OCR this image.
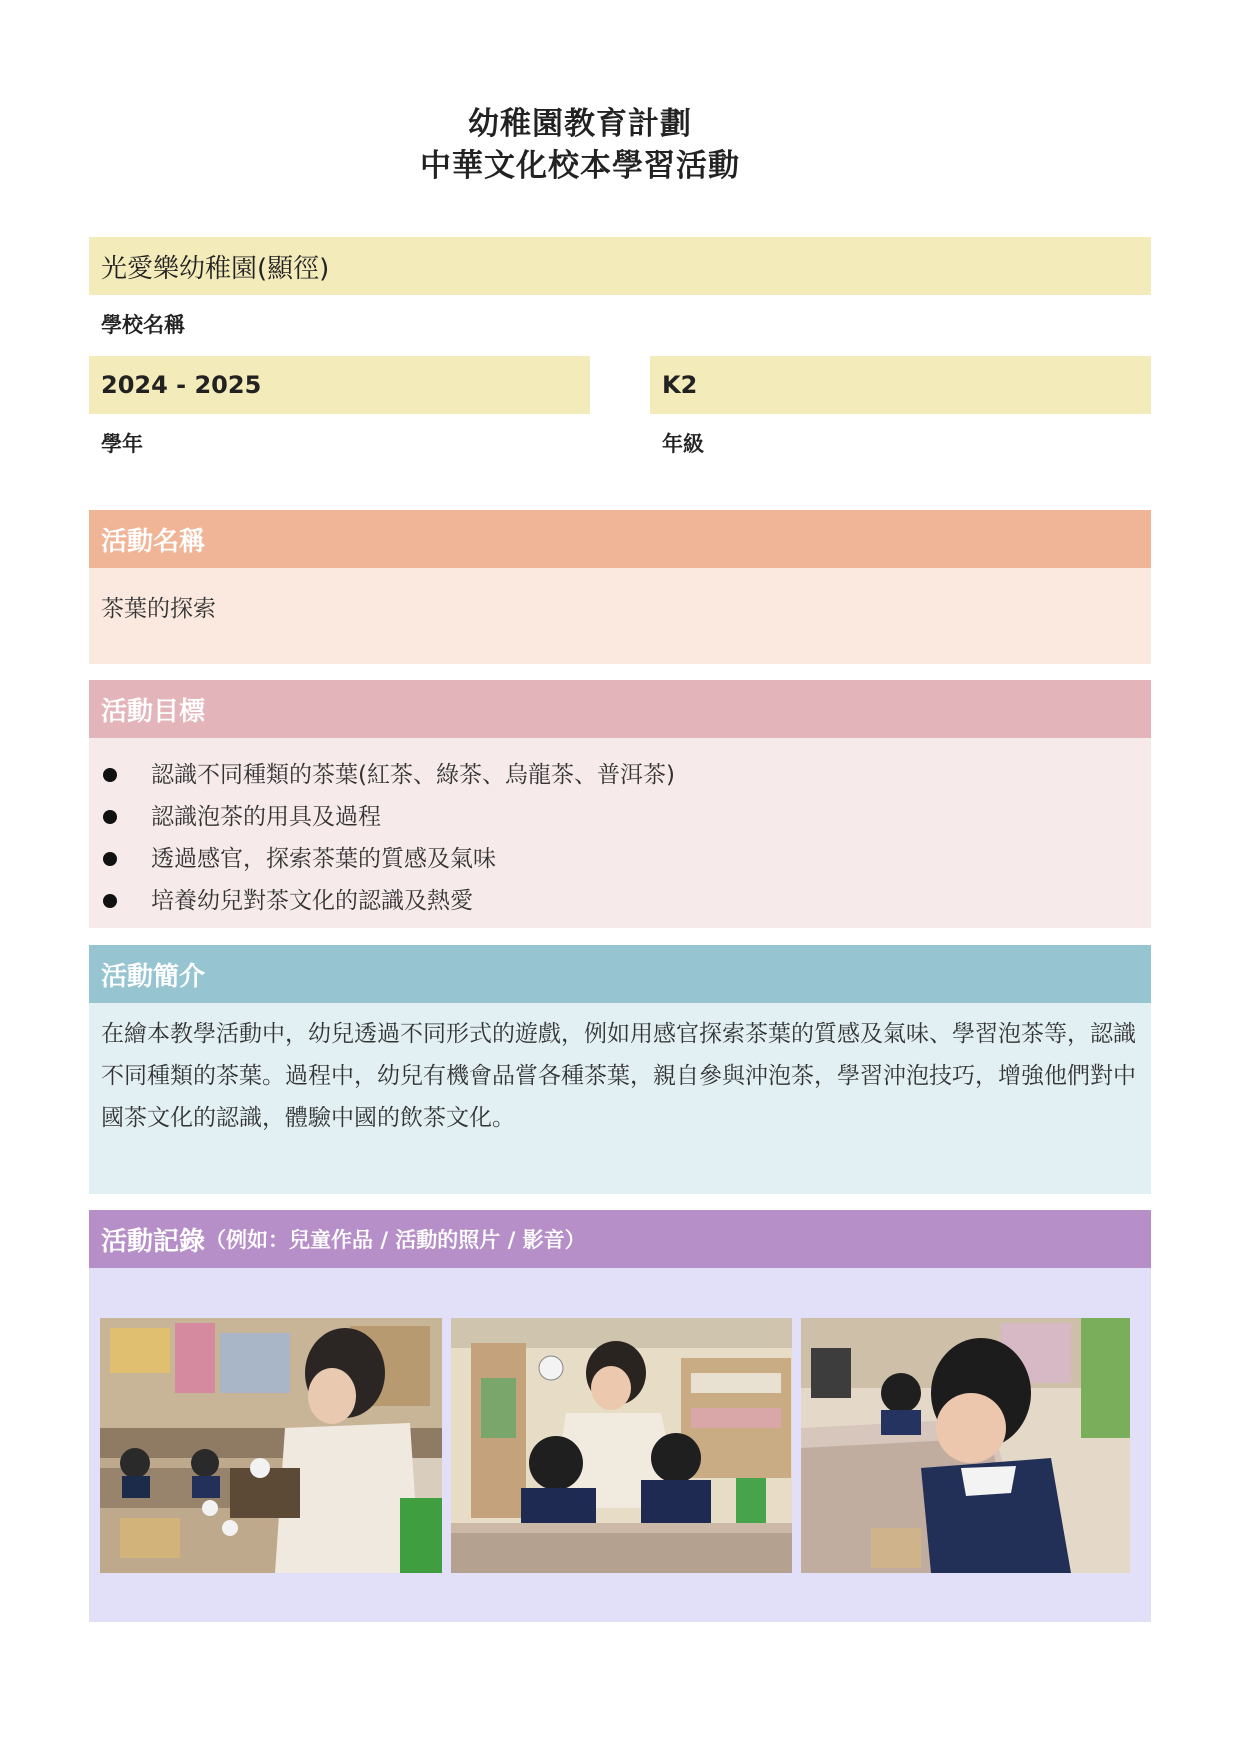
幼稚園教育計劃
中華文化校本學習活動
光愛樂幼稚園(顯徑)
學校名稱
2024 - 2025
學年
K2
年級
活動名稱
茶葉的探索
活動目標
認識不同種類的茶葉(紅茶、綠茶、烏龍茶、普洱茶)
認識泡茶的用具及過程
透過感官，探索茶葉的質感及氣味
培養幼兒對茶文化的認識及熱愛
活動簡介
在繪本教學活動中，幼兒透過不同形式的遊戲，例如用感官探索茶葉的質感及氣味、學習泡茶等，認識不同種類的茶葉。過程中，幼兒有機會品嘗各種茶葉，親自參與沖泡茶，學習沖泡技巧，增強他們對中國茶文化的認識，體驗中國的飲茶文化。
活動記錄 （例如：兒童作品 / 活動的照片 / 影音）
